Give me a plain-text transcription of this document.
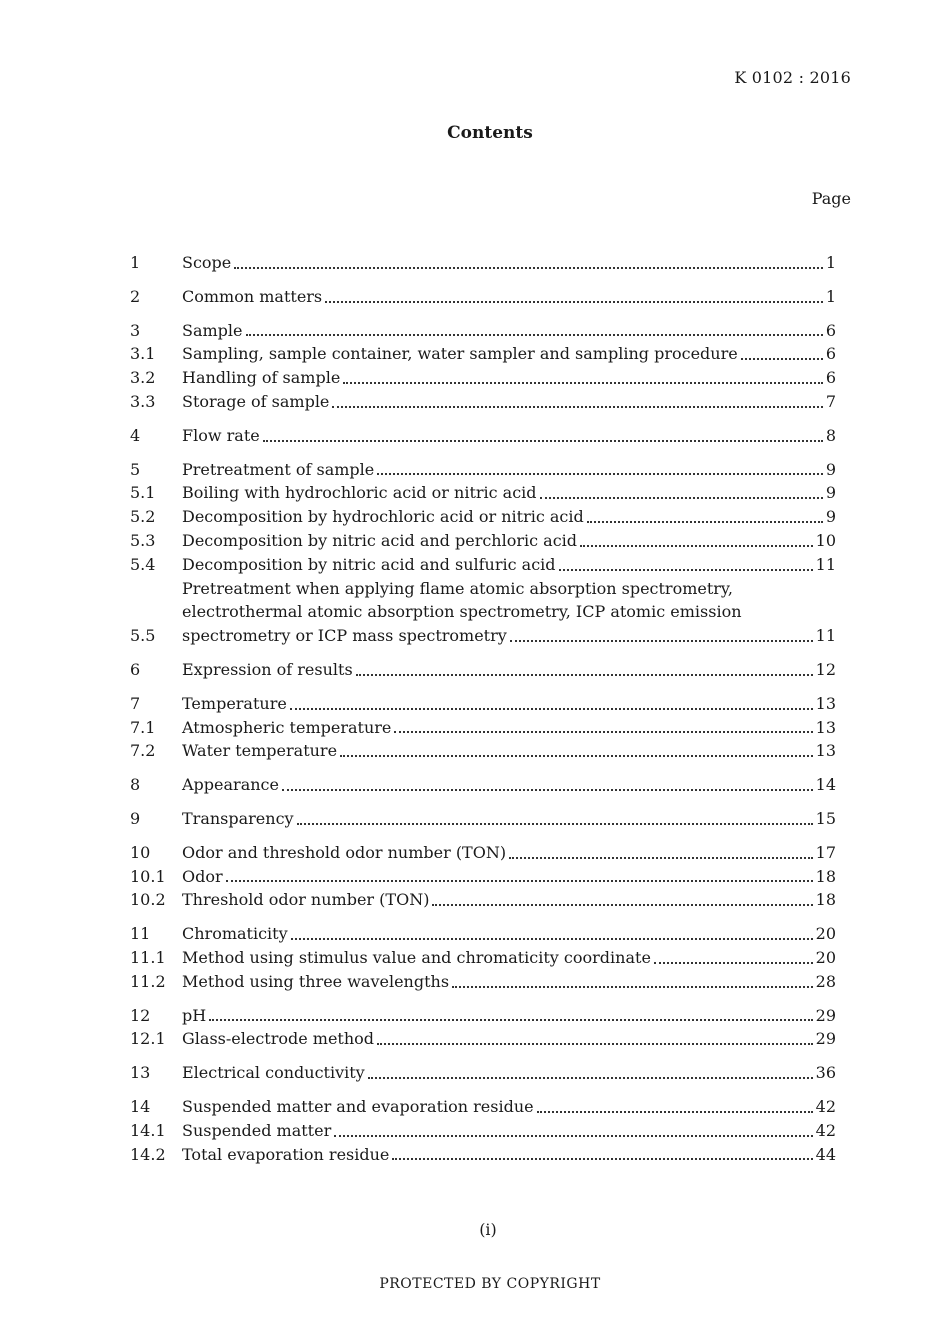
K 0102 : 2016
Contents
Page
1	Scope	1
2	Common matters	1
3	Sample	6
3.1	Sampling, sample container, water sampler and sampling procedure	6
3.2	Handling of sample	6
3.3	Storage of sample	7
4	Flow rate	8
5	Pretreatment of sample	9
5.1	Boiling with hydrochloric acid or nitric acid	9
5.2	Decomposition by hydrochloric acid or nitric acid	9
5.3	Decomposition by nitric acid and perchloric acid	10
5.4	Decomposition by nitric acid and sulfuric acid	11
5.5
Pretreatment when applying flame atomic absorption spectrometry,
electrothermal atomic absorption spectrometry, ICP atomic emission
spectrometry or ICP mass spectrometry	11
6	Expression of results	12
7	Temperature	13
7.1	Atmospheric temperature	13
7.2	Water temperature	13
8	Appearance	14
9	Transparency	15
10	Odor and threshold odor number (TON)	17
10.1	Odor	18
10.2	Threshold odor number (TON)	18
11	Chromaticity	20
11.1	Method using stimulus value and chromaticity coordinate	20
11.2	Method using three wavelengths	28
12	pH	29
12.1	Glass-electrode method	29
13	Electrical conductivity	36
14	Suspended matter and evaporation residue	42
14.1	Suspended matter	42
14.2	Total evaporation residue	44
(i)
PROTECTED BY COPYRIGHT
